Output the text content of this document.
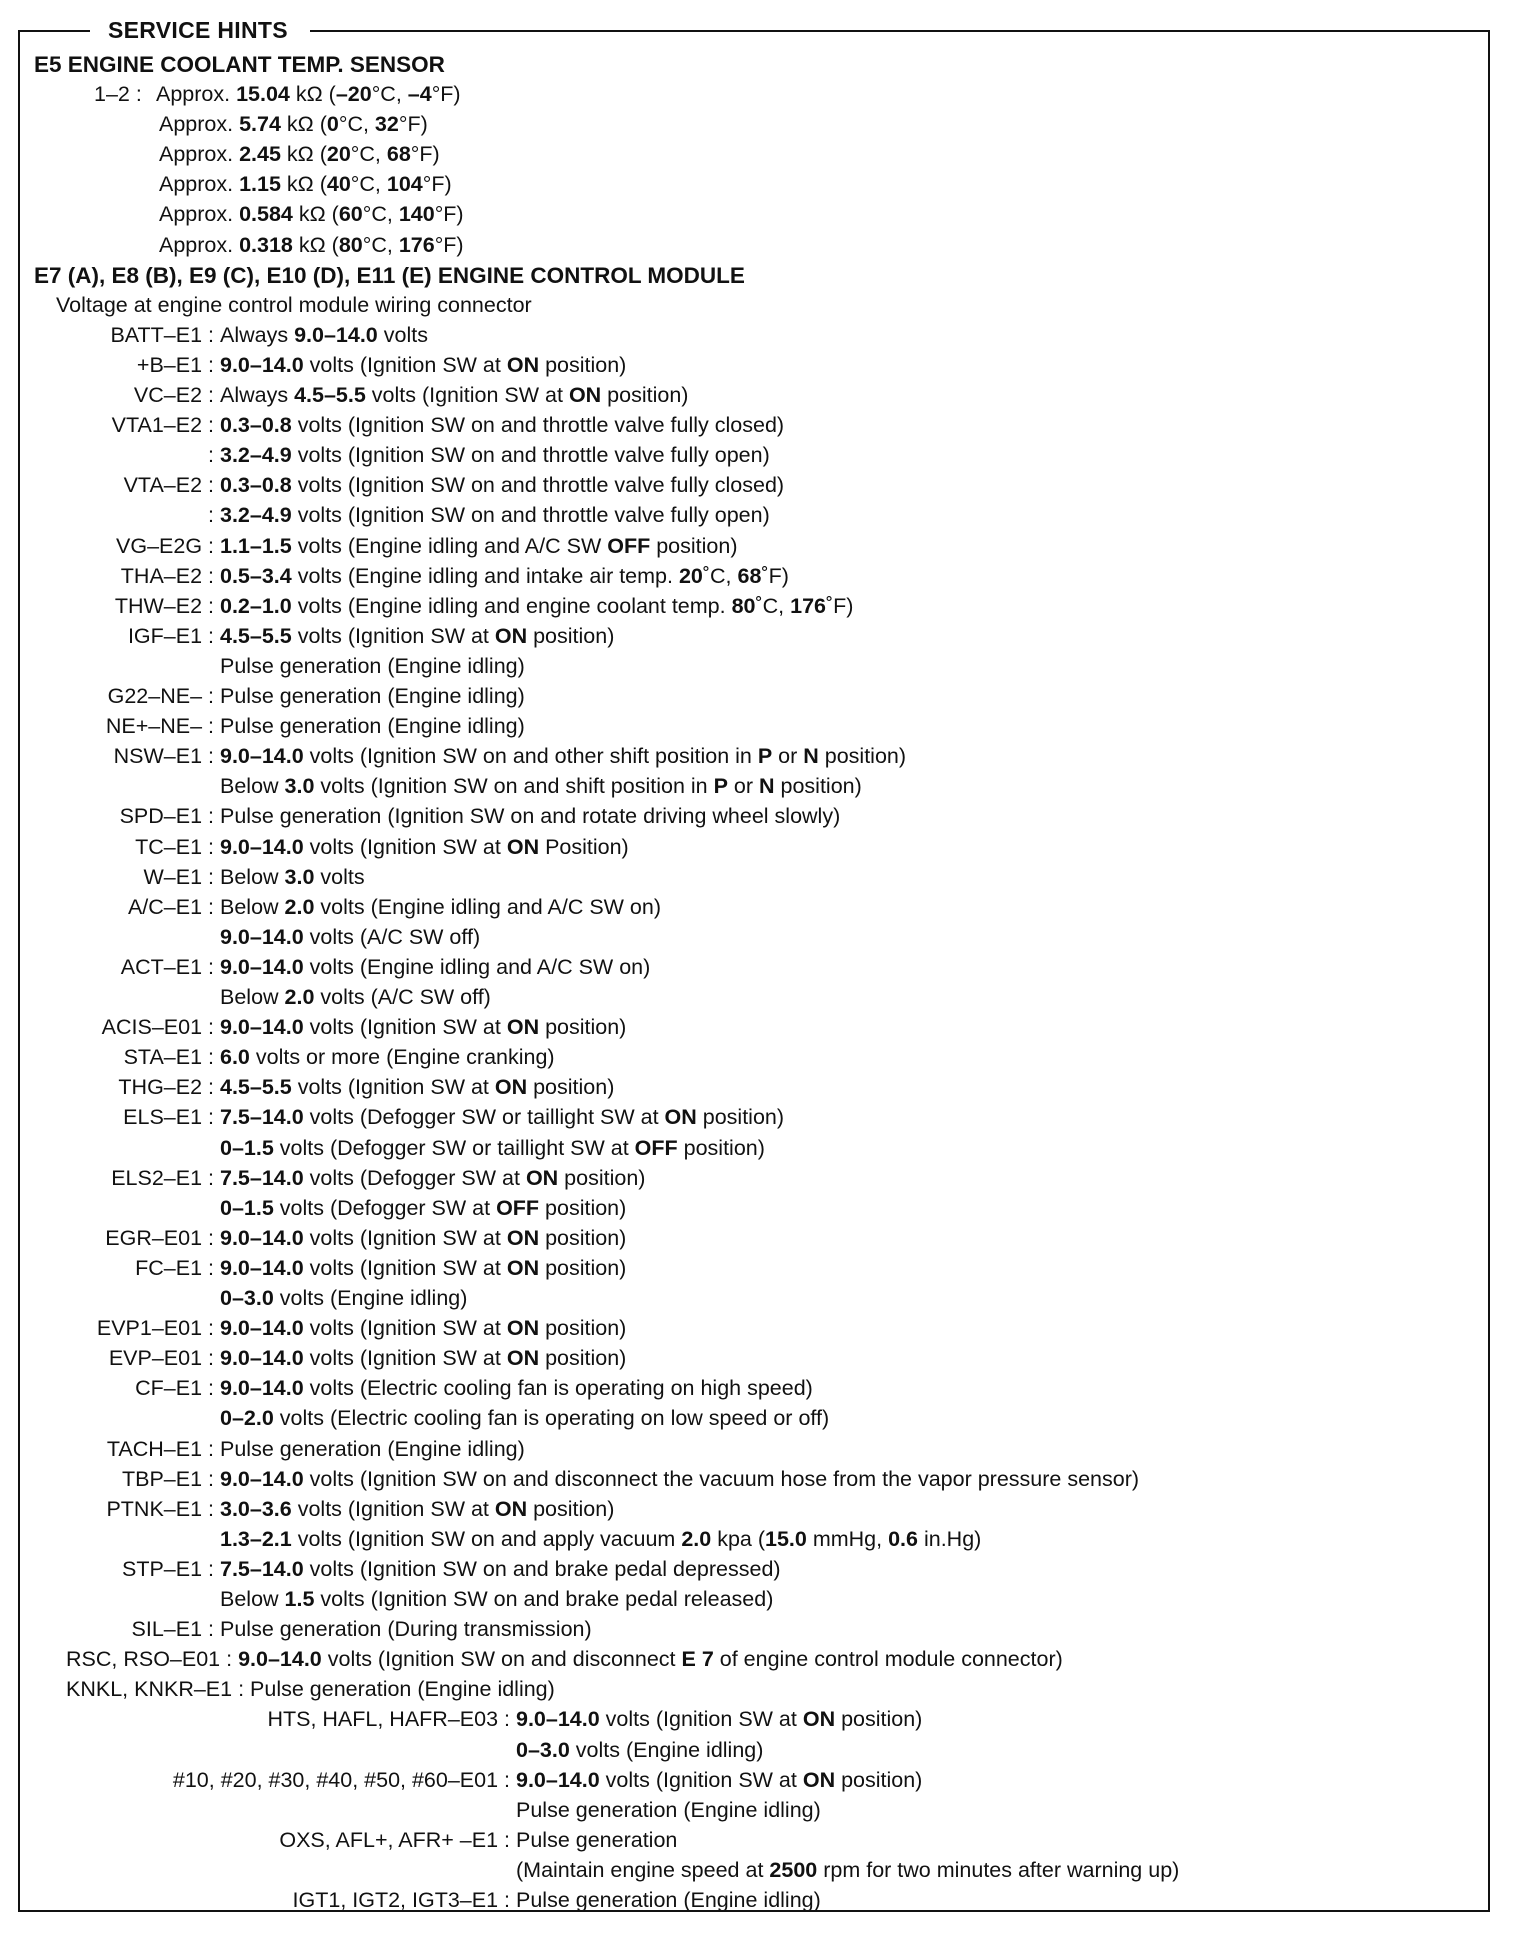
SERVICE HINTS
E5 ENGINE COOLANT TEMP. SENSOR
1–2 : Approx. 15.04 kΩ (–20°C, –4°F)
Approx. 5.74 kΩ (0°C, 32°F)
Approx. 2.45 kΩ (20°C, 68°F)
Approx. 1.15 kΩ (40°C, 104°F)
Approx. 0.584 kΩ (60°C, 140°F)
Approx. 0.318 kΩ (80°C, 176°F)
E7 (A), E8 (B), E9 (C), E10 (D), E11 (E) ENGINE CONTROL MODULE
Voltage at engine control module wiring connector
BATT–E1 : Always 9.0–14.0 volts
+B–E1 : 9.0–14.0 volts (Ignition SW at ON position)
VC–E2 : Always 4.5–5.5 volts (Ignition SW at ON position)
VTA1–E2 : 0.3–0.8 volts (Ignition SW on and throttle valve fully closed)
: 3.2–4.9 volts (Ignition SW on and throttle valve fully open)
VTA–E2 : 0.3–0.8 volts (Ignition SW on and throttle valve fully closed)
: 3.2–4.9 volts (Ignition SW on and throttle valve fully open)
VG–E2G : 1.1–1.5 volts (Engine idling and A/C SW OFF position)
THA–E2 : 0.5–3.4 volts (Engine idling and intake air temp. 20˚C, 68˚F)
THW–E2 : 0.2–1.0 volts (Engine idling and engine coolant temp. 80˚C, 176˚F)
IGF–E1 : 4.5–5.5 volts (Ignition SW at ON position)
Pulse generation (Engine idling)
G22–NE– : Pulse generation (Engine idling)
NE+–NE– : Pulse generation (Engine idling)
NSW–E1 : 9.0–14.0 volts (Ignition SW on and other shift position in P or N position)
Below 3.0 volts (Ignition SW on and shift position in P or N position)
SPD–E1 : Pulse generation (Ignition SW on and rotate driving wheel slowly)
TC–E1 : 9.0–14.0 volts (Ignition SW at ON Position)
W–E1 : Below 3.0 volts
A/C–E1 : Below 2.0 volts (Engine idling and A/C SW on)
9.0–14.0 volts (A/C SW off)
ACT–E1 : 9.0–14.0 volts (Engine idling and A/C SW on)
Below 2.0 volts (A/C SW off)
ACIS–E01 : 9.0–14.0 volts (Ignition SW at ON position)
STA–E1 : 6.0 volts or more (Engine cranking)
THG–E2 : 4.5–5.5 volts (Ignition SW at ON position)
ELS–E1 : 7.5–14.0 volts (Defogger SW or taillight SW at ON position)
0–1.5 volts (Defogger SW or taillight SW at OFF position)
ELS2–E1 : 7.5–14.0 volts (Defogger SW at ON position)
0–1.5 volts (Defogger SW at OFF position)
EGR–E01 : 9.0–14.0 volts (Ignition SW at ON position)
FC–E1 : 9.0–14.0 volts (Ignition SW at ON position)
0–3.0 volts (Engine idling)
EVP1–E01 : 9.0–14.0 volts (Ignition SW at ON position)
EVP–E01 : 9.0–14.0 volts (Ignition SW at ON position)
CF–E1 : 9.0–14.0 volts (Electric cooling fan is operating on high speed)
0–2.0 volts (Electric cooling fan is operating on low speed or off)
TACH–E1 : Pulse generation (Engine idling)
TBP–E1 : 9.0–14.0 volts (Ignition SW on and disconnect the vacuum hose from the vapor pressure sensor)
PTNK–E1 : 3.0–3.6 volts (Ignition SW at ON position)
1.3–2.1 volts (Ignition SW on and apply vacuum 2.0 kpa (15.0 mmHg, 0.6 in.Hg)
STP–E1 : 7.5–14.0 volts (Ignition SW on and brake pedal depressed)
Below 1.5 volts (Ignition SW on and brake pedal released)
SIL–E1 : Pulse generation (During transmission)
RSC, RSO–E01 : 9.0–14.0 volts (Ignition SW on and disconnect E 7 of engine control module connector)
KNKL, KNKR–E1 : Pulse generation (Engine idling)
HTS, HAFL, HAFR–E03 : 9.0–14.0 volts (Ignition SW at ON position)
0–3.0 volts (Engine idling)
#10, #20, #30, #40, #50, #60–E01 : 9.0–14.0 volts (Ignition SW at ON position)
Pulse generation (Engine idling)
OXS, AFL+, AFR+ –E1 : Pulse generation
(Maintain engine speed at 2500 rpm for two minutes after warning up)
IGT1, IGT2, IGT3–E1 : Pulse generation (Engine idling)
